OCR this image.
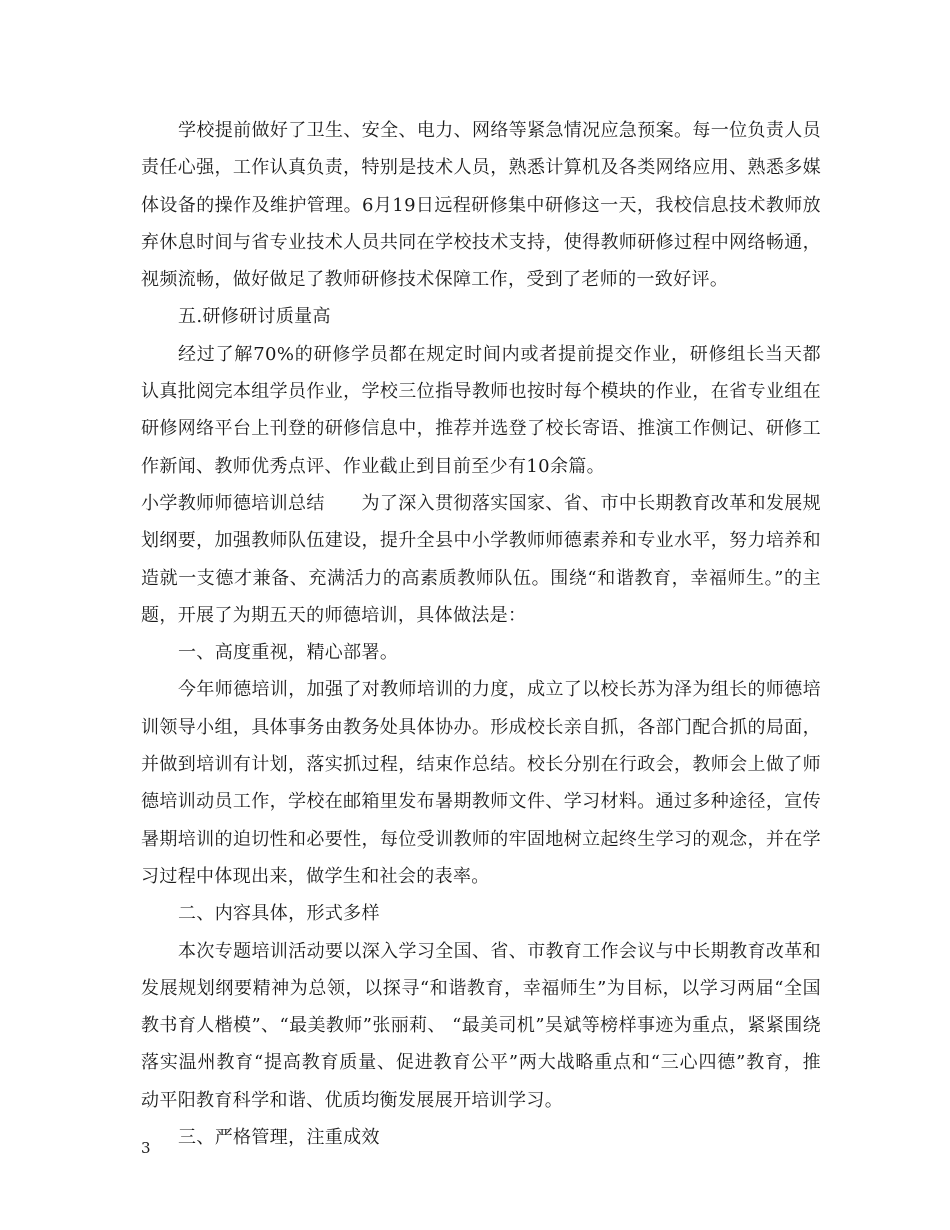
学校提前做好了卫生、安全、电力、网络等紧急情况应急预案。每一位负责人员责任心强，工作认真负责，特别是技术人员，熟悉计算机及各类网络应用、熟悉多媒体设备的操作及维护管理。6月19日远程研修集中研修这一天，我校信息技术教师放弃休息时间与省专业技术人员共同在学校技术支持，使得教师研修过程中网络畅通，视频流畅，做好做足了教师研修技术保障工作，受到了老师的一致好评。

五.研修研讨质量高

经过了解70%的研修学员都在规定时间内或者提前提交作业，研修组长当天都认真批阅完本组学员作业，学校三位指导教师也按时每个模块的作业，在省专业组在研修网络平台上刊登的研修信息中，推荐并选登了校长寄语、推演工作侧记、研修工作新闻、教师优秀点评、作业截止到目前至少有10余篇。

小学教师师德培训总结　　为了深入贯彻落实国家、省、市中长期教育改革和发展规划纲要，加强教师队伍建设，提升全县中小学教师师德素养和专业水平，努力培养和造就一支德才兼备、充满活力的高素质教师队伍。围绕“和谐教育，幸福师生。”的主题，开展了为期五天的师德培训，具体做法是：

一、高度重视，精心部署。

今年师德培训，加强了对教师培训的力度，成立了以校长苏为泽为组长的师德培训领导小组，具体事务由教务处具体协办。形成校长亲自抓，各部门配合抓的局面，并做到培训有计划，落实抓过程，结束作总结。校长分别在行政会，教师会上做了师德培训动员工作，学校在邮箱里发布暑期教师文件、学习材料。通过多种途径，宣传暑期培训的迫切性和必要性，每位受训教师的牢固地树立起终生学习的观念，并在学习过程中体现出来，做学生和社会的表率。

二、内容具体，形式多样

本次专题培训活动要以深入学习全国、省、市教育工作会议与中长期教育改革和发展规划纲要精神为总领，以探寻“和谐教育，幸福师生”为目标，以学习两届“全国教书育人楷模”、“最美教师”张丽莉、 “最美司机”吴斌等榜样事迹为重点，紧紧围绕落实温州教育“提高教育质量、促进教育公平”两大战略重点和“三心四德”教育，推动平阳教育科学和谐、优质均衡发展展开培训学习。

三、严格管理，注重成效

3
